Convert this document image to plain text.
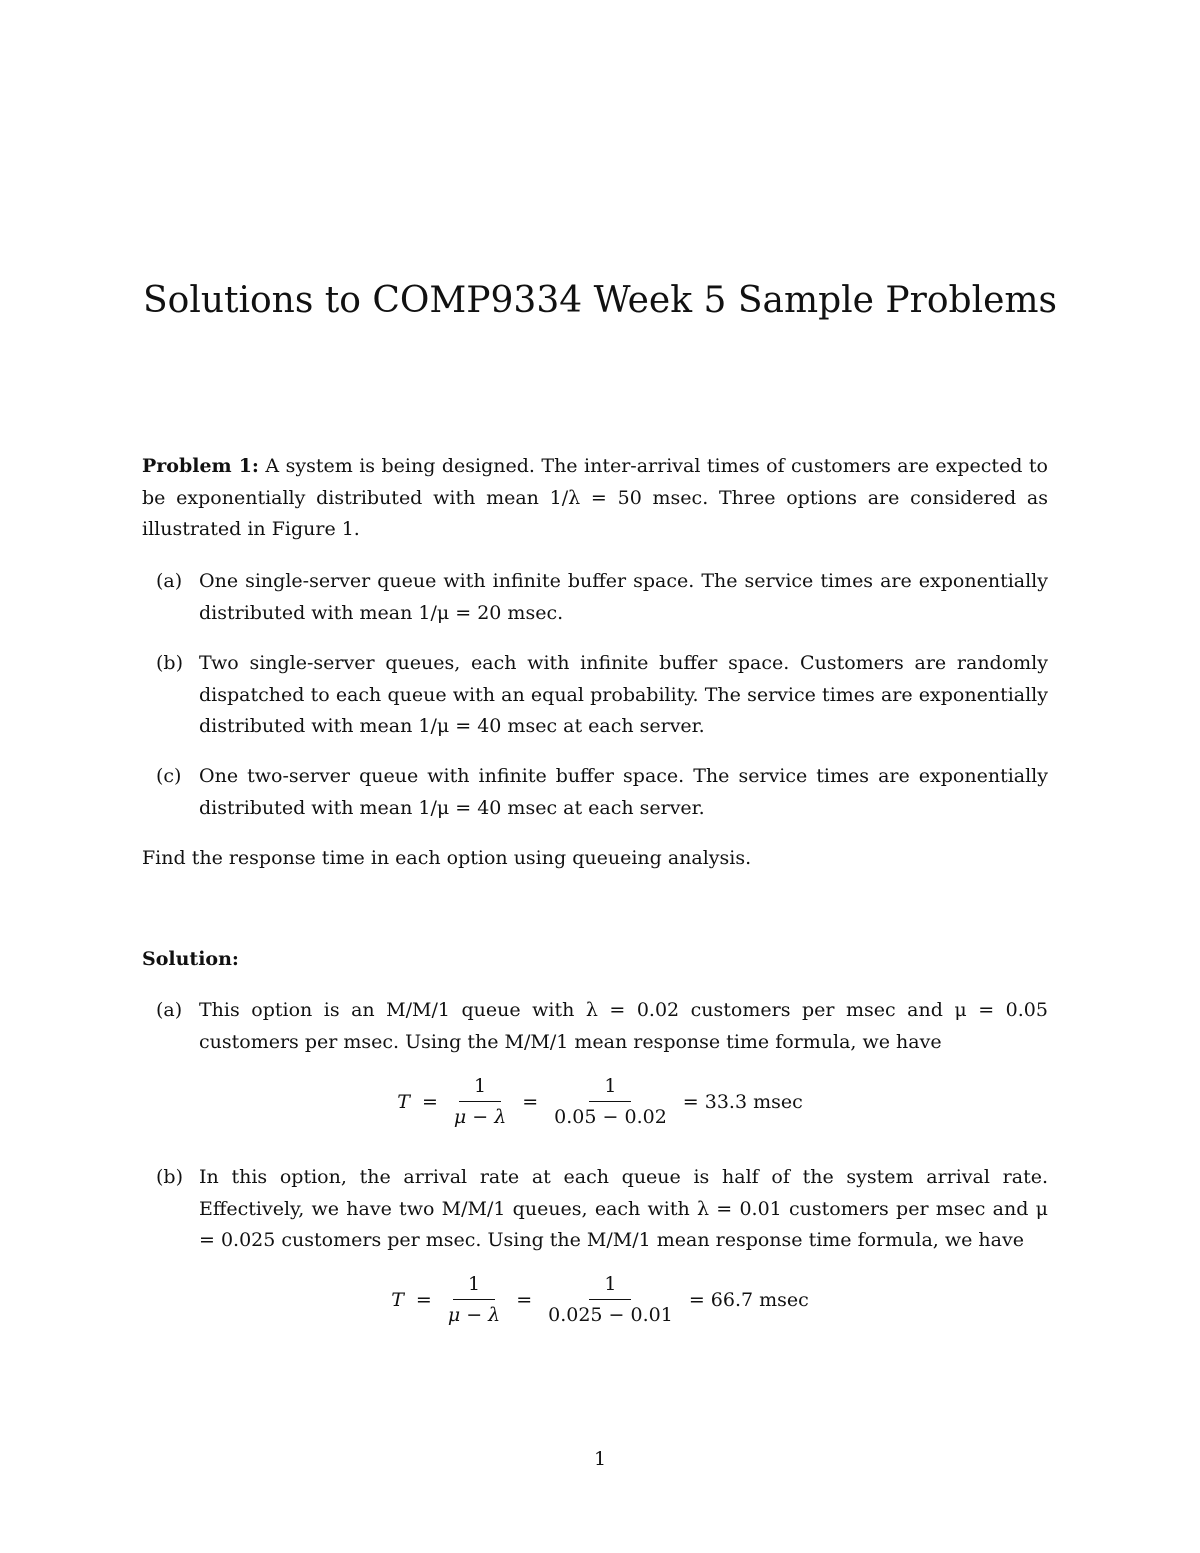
Solutions to COMP9334 Week 5 Sample Problems

Problem 1: A system is being designed. The inter-arrival times of customers are expected to be exponentially distributed with mean 1/λ = 50 msec. Three options are considered as illustrated in Figure 1.

(a) One single-server queue with infinite buffer space. The service times are exponentially distributed with mean 1/μ = 20 msec.
(b) Two single-server queues, each with infinite buffer space. Customers are randomly dispatched to each queue with an equal probability. The service times are exponentially distributed with mean 1/μ = 40 msec at each server.
(c) One two-server queue with infinite buffer space. The service times are exponentially distributed with mean 1/μ = 40 msec at each server.

Find the response time in each option using queueing analysis.

Solution:

(a) This option is an M/M/1 queue with λ = 0.02 customers per msec and μ = 0.05 customers per msec. Using the M/M/1 mean response time formula, we have
$T = \frac{1}{\mu - \lambda} = \frac{1}{0.05 - 0.02} = 33.3$ msec
(b) In this option, the arrival rate at each queue is half of the system arrival rate. Effectively, we have two M/M/1 queues, each with λ = 0.01 customers per msec and μ = 0.025 customers per msec. Using the M/M/1 mean response time formula, we have
$T = \frac{1}{\mu - \lambda} = \frac{1}{0.025 - 0.01} = 66.7$ msec
1
